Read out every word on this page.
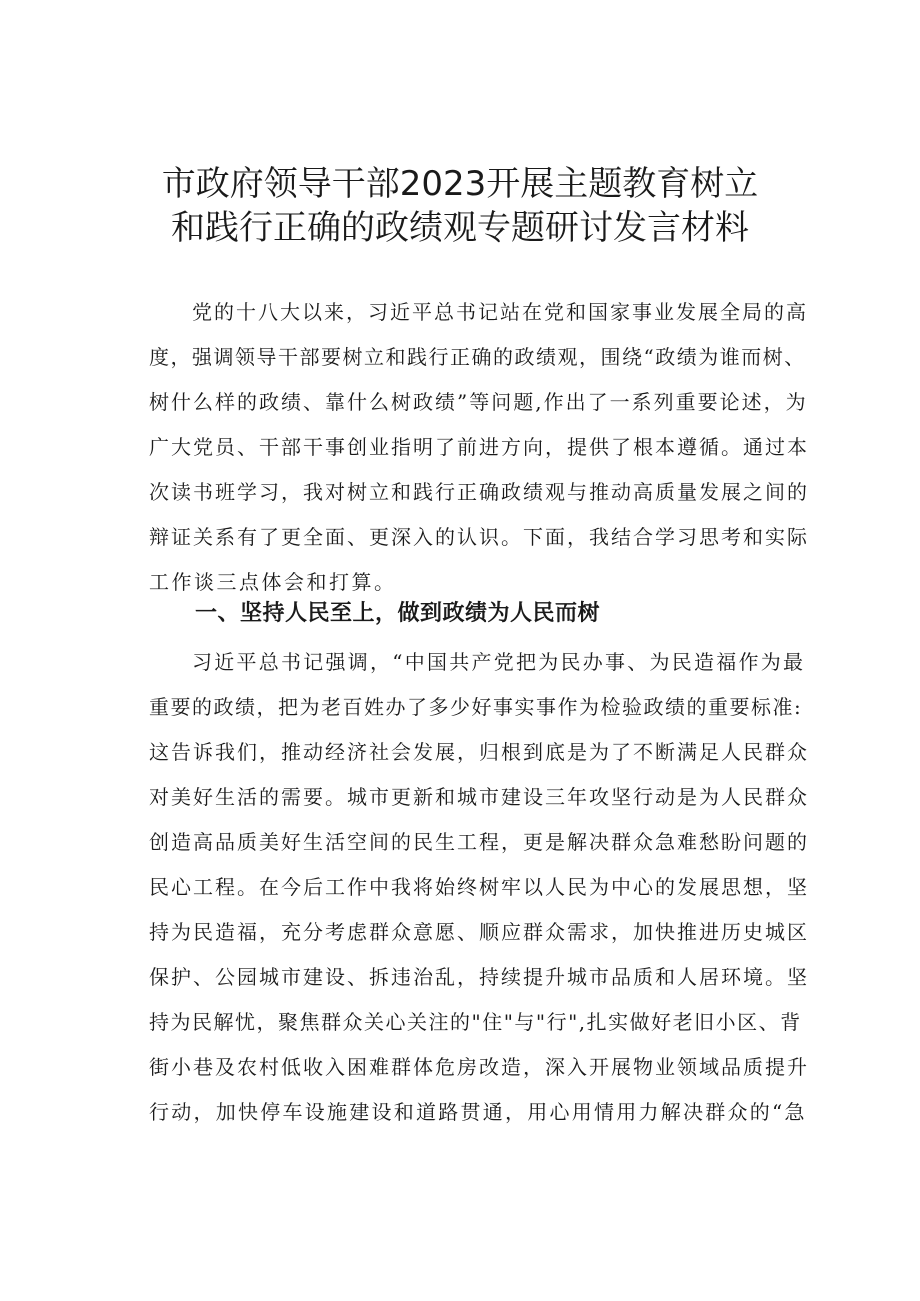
市政府领导干部2023开展主题教育树立
和践行正确的政绩观专题研讨发言材料
党的十八大以来，习近平总书记站在党和国家事业发展全局的高
度，强调领导干部要树立和践行正确的政绩观，围绕“政绩为谁而树、
树什么样的政绩、靠什么树政绩”等问题,作出了一系列重要论述，为
广大党员、干部干事创业指明了前进方向，提供了根本遵循。通过本
次读书班学习，我对树立和践行正确政绩观与推动高质量发展之间的
辩证关系有了更全面、更深入的认识。下面，我结合学习思考和实际
工作谈三点体会和打算。
一、坚持人民至上，做到政绩为人民而树
习近平总书记强调，“中国共产党把为民办事、为民造福作为最
重要的政绩，把为老百姓办了多少好事实事作为检验政绩的重要标准:
这告诉我们，推动经济社会发展，归根到底是为了不断满足人民群众
对美好生活的需要。城市更新和城市建设三年攻坚行动是为人民群众
创造高品质美好生活空间的民生工程，更是解决群众急难愁盼问题的
民心工程。在今后工作中我将始终树牢以人民为中心的发展思想，坚
持为民造福，充分考虑群众意愿、顺应群众需求，加快推进历史城区
保护、公园城市建设、拆违治乱，持续提升城市品质和人居环境。坚
持为民解忧，聚焦群众关心关注的"住"与"行",扎实做好老旧小区、背
街小巷及农村低收入困难群体危房改造，深入开展物业领域品质提升
行动，加快停车设施建设和道路贯通，用心用情用力解决群众的“急
